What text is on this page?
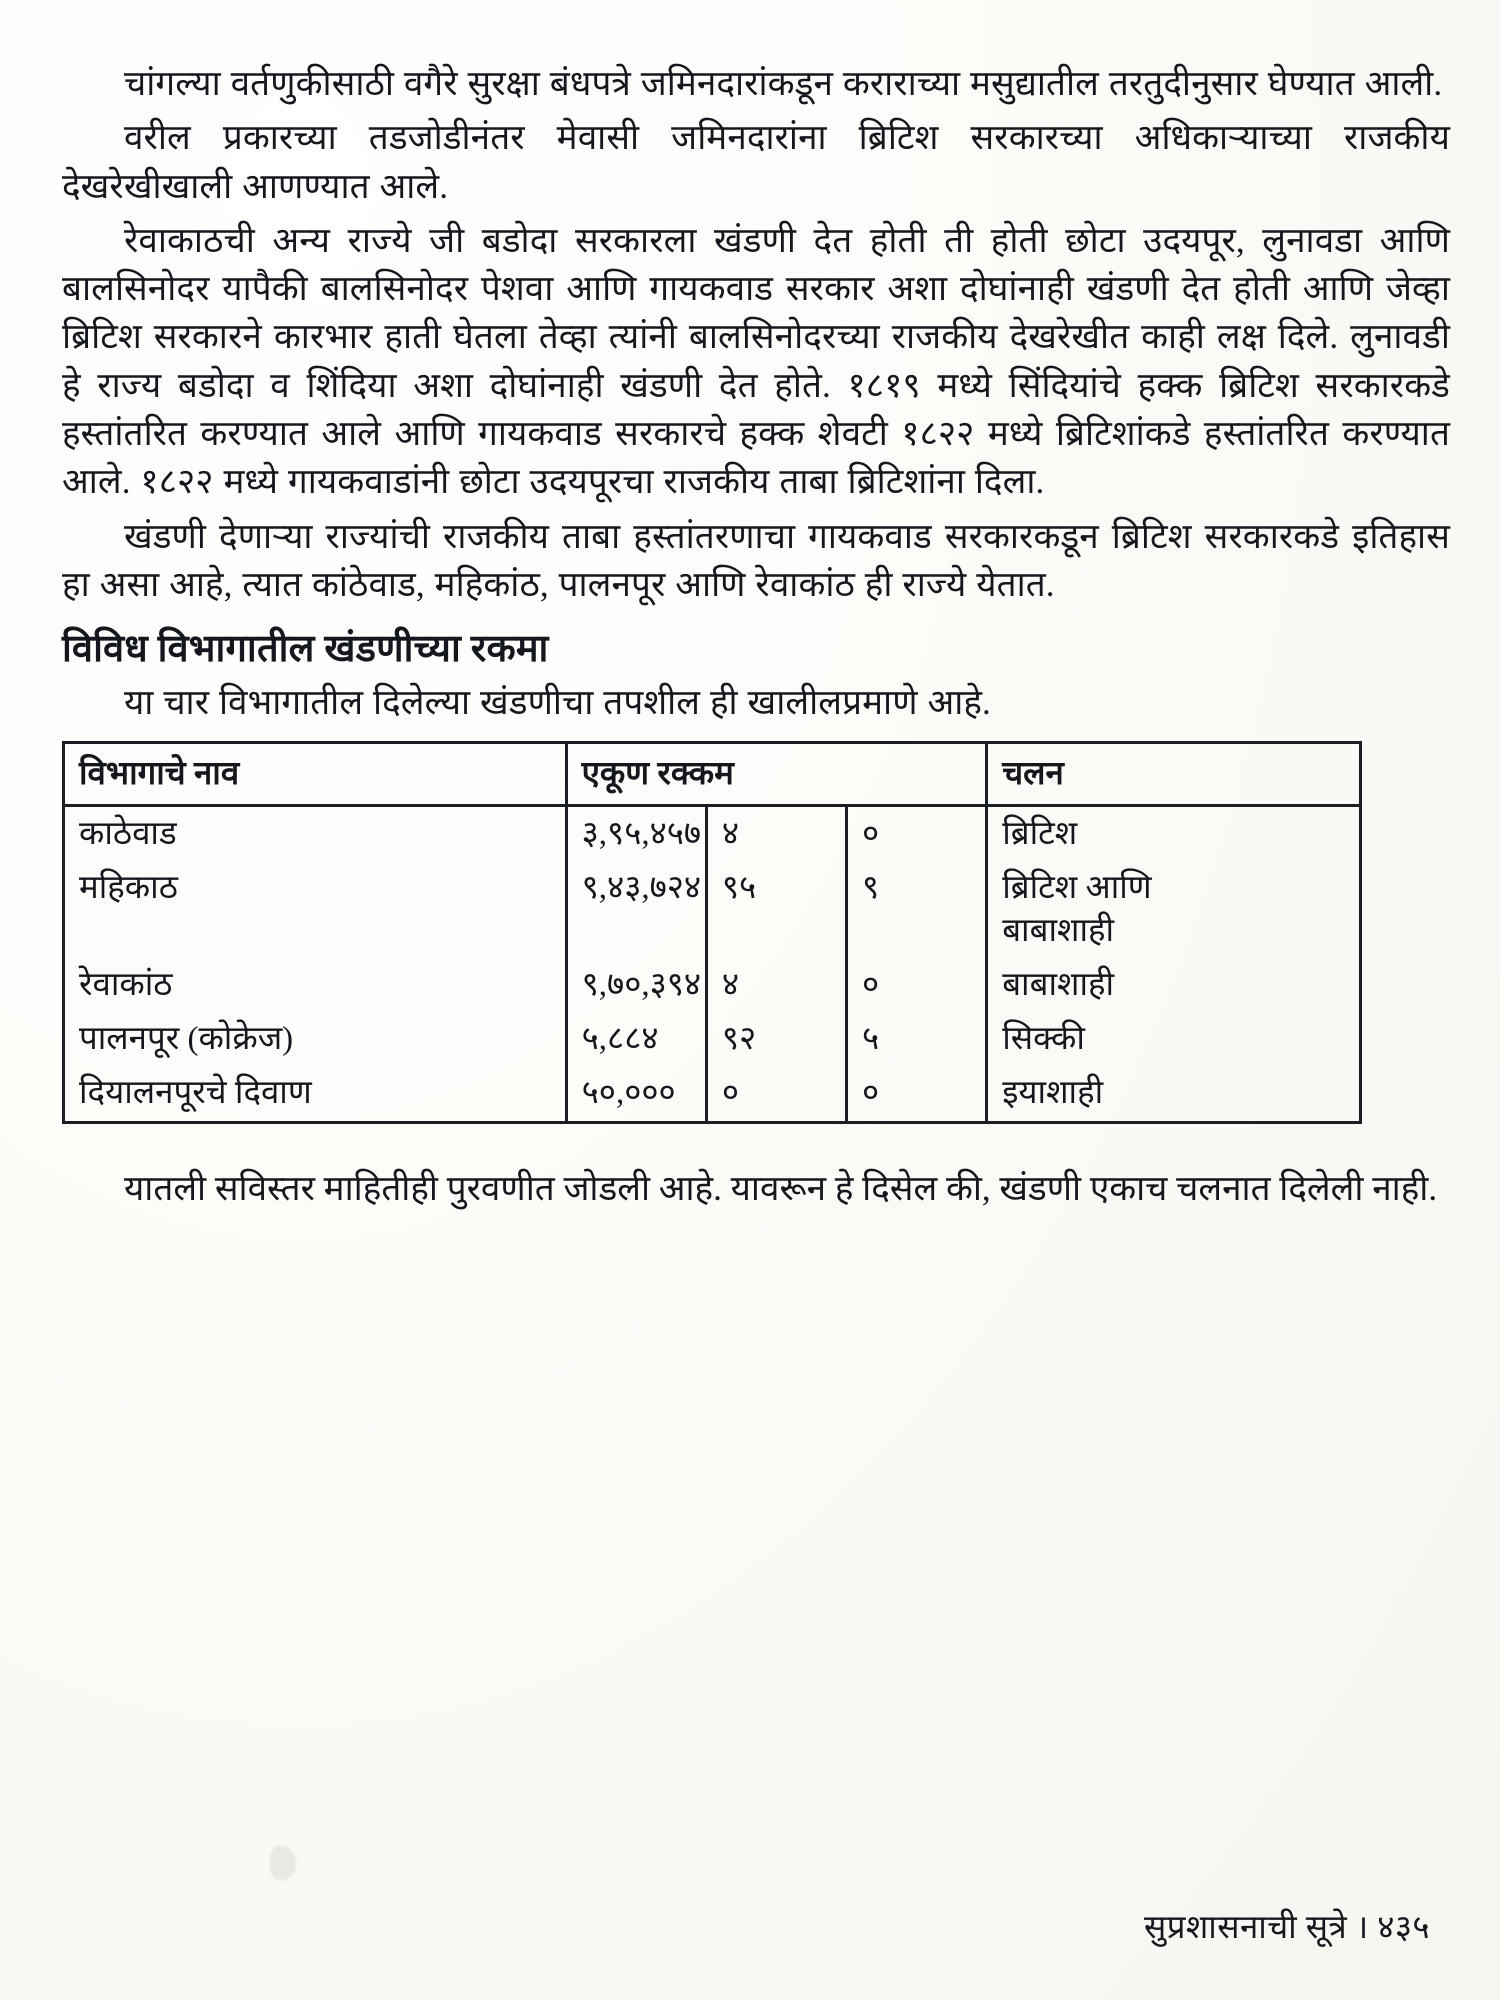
चांगल्या वर्तणुकीसाठी वगैरे सुरक्षा बंधपत्रे जमिनदारांकडून कराराच्या मसुद्यातील तरतुदीनुसार घेण्यात आली.

वरील प्रकारच्या तडजोडीनंतर मेवासी जमिनदारांना ब्रिटिश सरकारच्या अधिकाऱ्याच्या राजकीय देखरेखीखाली आणण्यात आले.

रेवाकाठची अन्य राज्ये जी बडोदा सरकारला खंडणी देत होती ती होती छोटा उदयपूर, लुनावडा आणि बालसिनोदर यापैकी बालसिनोदर पेशवा आणि गायकवाड सरकार अशा दोघांनाही खंडणी देत होती आणि जेव्हा ब्रिटिश सरकारने कारभार हाती घेतला तेव्हा त्यांनी बालसिनोदरच्या राजकीय देखरेखीत काही लक्ष दिले. लुनावडी हे राज्य बडोदा व शिंदिया अशा दोघांनाही खंडणी देत होते. १८१९ मध्ये सिंदियांचे हक्क ब्रिटिश सरकारकडे हस्तांतरित करण्यात आले आणि गायकवाड सरकारचे हक्क शेवटी १८२२ मध्ये ब्रिटिशांकडे हस्तांतरित करण्यात आले. १८२२ मध्ये गायकवाडांनी छोटा उदयपूरचा राजकीय ताबा ब्रिटिशांना दिला.

खंडणी देणाऱ्या राज्यांची राजकीय ताबा हस्तांतरणाचा गायकवाड सरकारकडून ब्रिटिश सरकारकडे इतिहास हा असा आहे, त्यात कांठेवाड, महिकांठ, पालनपूर आणि रेवाकांठ ही राज्ये येतात.

विविध विभागातील खंडणीच्या रकमा

या चार विभागातील दिलेल्या खंडणीचा तपशील ही खालीलप्रमाणे आहे.

विभागाचे नाव	एकूण रक्कम			चलन
काठेवाड	३,९५,४५७	४	०	ब्रिटिश
महिकाठ	९,४३,७२४	९५	९	ब्रिटिश आणि
बाबाशाही

रेवाकांठ	९,७०,३९४	४	०	बाबाशाही
पालनपूर (कोक्रेज)	५,८८४	९२	५	सिक्की
दियालनपूरचे दिवाण	५०,०००	०	०	इयाशाही

यातली सविस्तर माहितीही पुरवणीत जोडली आहे. यावरून हे दिसेल की, खंडणी एकाच चलनात दिलेली नाही.

सुप्रशासनाची सूत्रे । ४३५
